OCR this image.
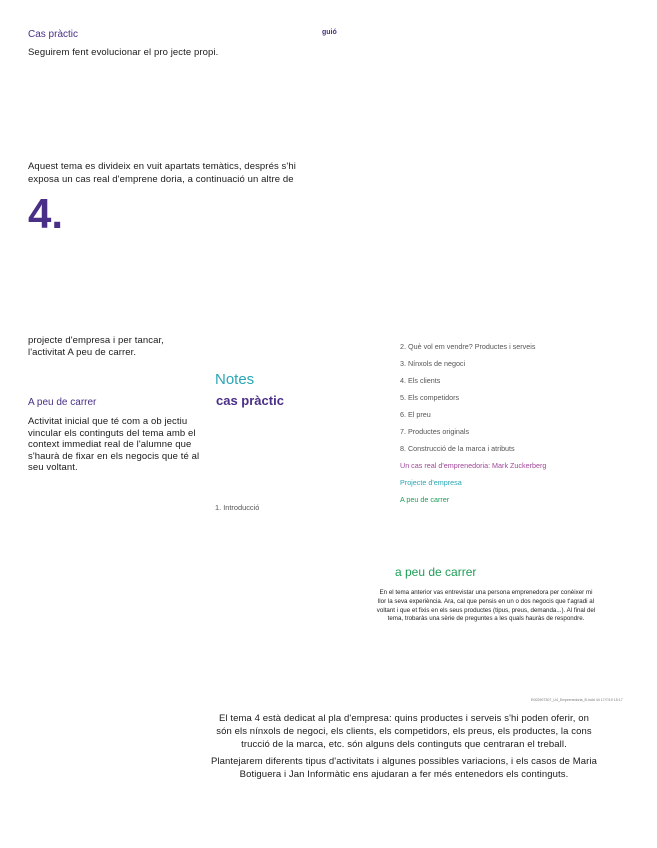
Cas pràctic	guió
Seguirem fent evolucionar el pro jecte propi.
Aquest tema es divideix en vuit apartats temàtics, després s'hi
exposa un cas real d'emprene doria, a continuació un altre de
4.
projecte d'empresa i per tancar,
l'activitat A peu de carrer.
Notes
cas pràctic
A peu de carrer
Activitat inicial que té com a ob jectiu
vincular els continguts del tema amb el
context immediat real de l'alumne que
s'haurà de fixar en els negocis que té al
seu voltant.
2. Què vol em vendre? Productes i serveis
3. Nínxols de negoci
4. Els clients
5. Els competidors
6. El preu
7. Productes originals
8. Construcció de la marca i atributs
Un cas real d'emprenedoria: Mark Zuckerberg
Projecte d'empresa
A peu de carrer
1. Introducció
a peu de carrer
En el tema anterior vas entrevistar una persona emprenedora per conèixer mi
llor la seva experiència. Ara, cal que pensis en un o dos negocis que t'agradi al
voltant i que et fixis en els seus productes (tipus, preus, demanda...). Al final del
tema, trobaràs una sèrie de preguntes a les quals hauràs de respondre.
E002907307_U4_Emprenedoria_B.indd 44 17/7/19 15:17
El tema 4 està dedicat al pla d'empresa: quins productes i serveis s'hi poden oferir, on
són els nínxols de negoci, els clients, els competidors, els preus, els productes, la cons
trucció de la marca, etc. són alguns dels continguts que centraran el treball.
Plantejarem diferents tipus d'activitats i algunes possibles variacions, i els casos de Maria
Botiguera i Jan Informàtic ens ajudaran a fer més entenedors els continguts.
